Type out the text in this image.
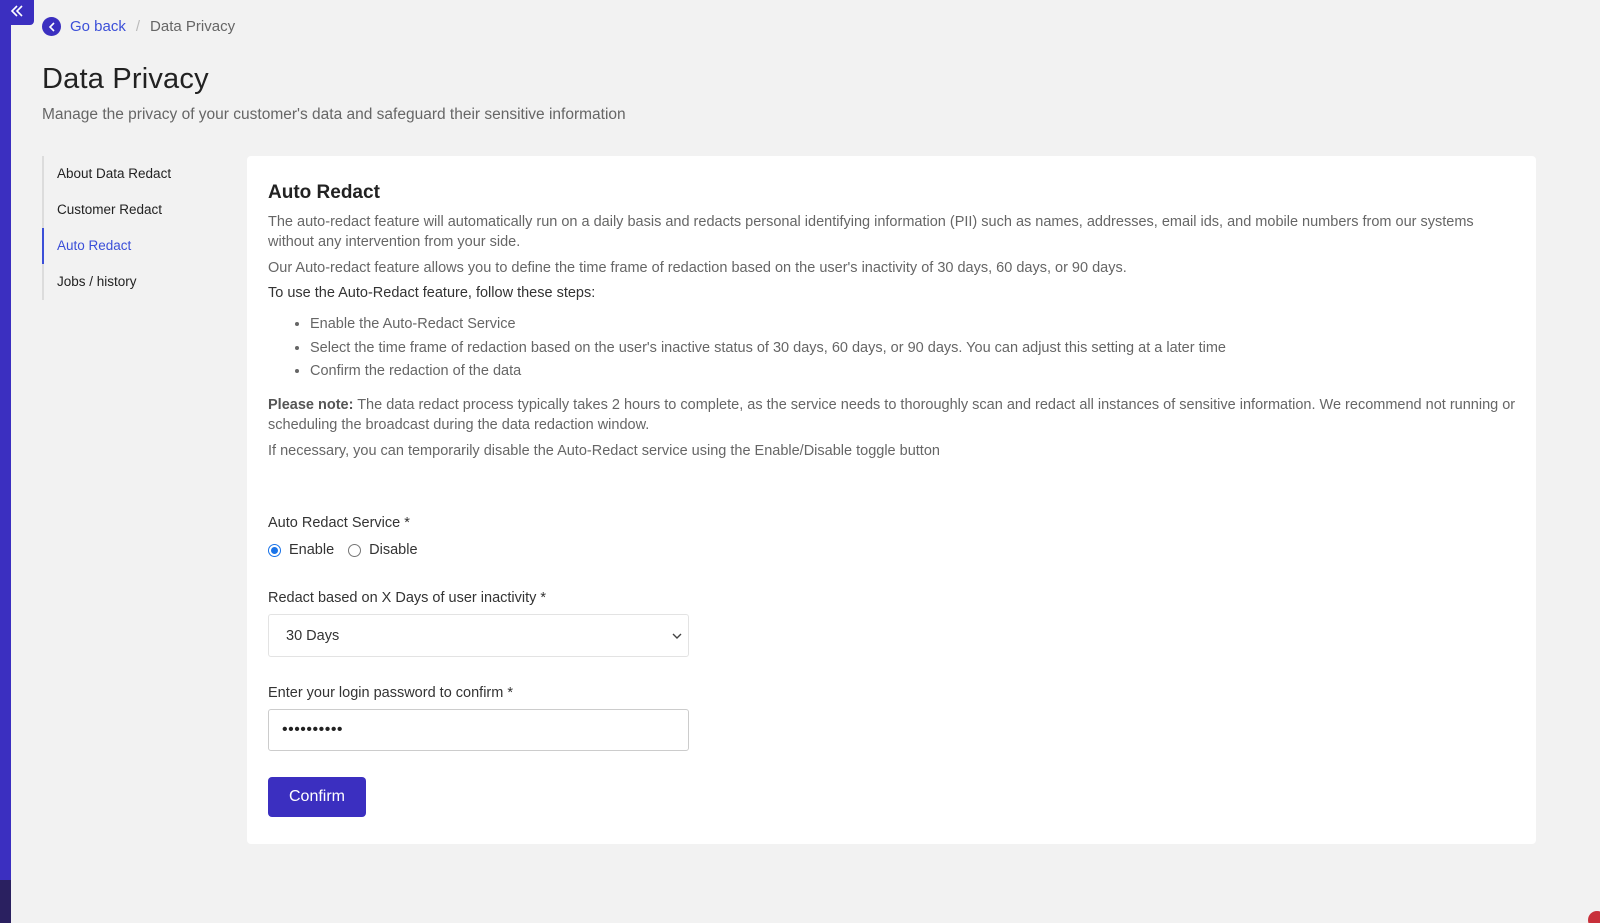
Go back / Data Privacy
Data Privacy

Manage the privacy of your customer's data and safeguard their sensitive information

About Data Redact
Customer Redact
Auto Redact
Jobs / history
Auto Redact

The auto-redact feature will automatically run on a daily basis and redacts personal identifying information (PII) such as names, addresses, email ids, and mobile numbers from our systems without any intervention from your side.

Our Auto-redact feature allows you to define the time frame of redaction based on the user's inactivity of 30 days, 60 days, or 90 days.

To use the Auto-Redact feature, follow these steps:

• Enable the Auto-Redact Service
• Select the time frame of redaction based on the user's inactive status of 30 days, 60 days, or 90 days. You can adjust this setting at a later time
• Confirm the redaction of the data

Please note: The data redact process typically takes 2 hours to complete, as the service needs to thoroughly scan and redact all instances of sensitive information. We recommend not running or scheduling the broadcast during the data redaction window.

If necessary, you can temporarily disable the Auto-Redact service using the Enable/Disable toggle button

Auto Redact Service *
Enable Disable
Redact based on X Days of user inactivity *
30 Days
Enter your login password to confirm *
••••••••••
Confirm
